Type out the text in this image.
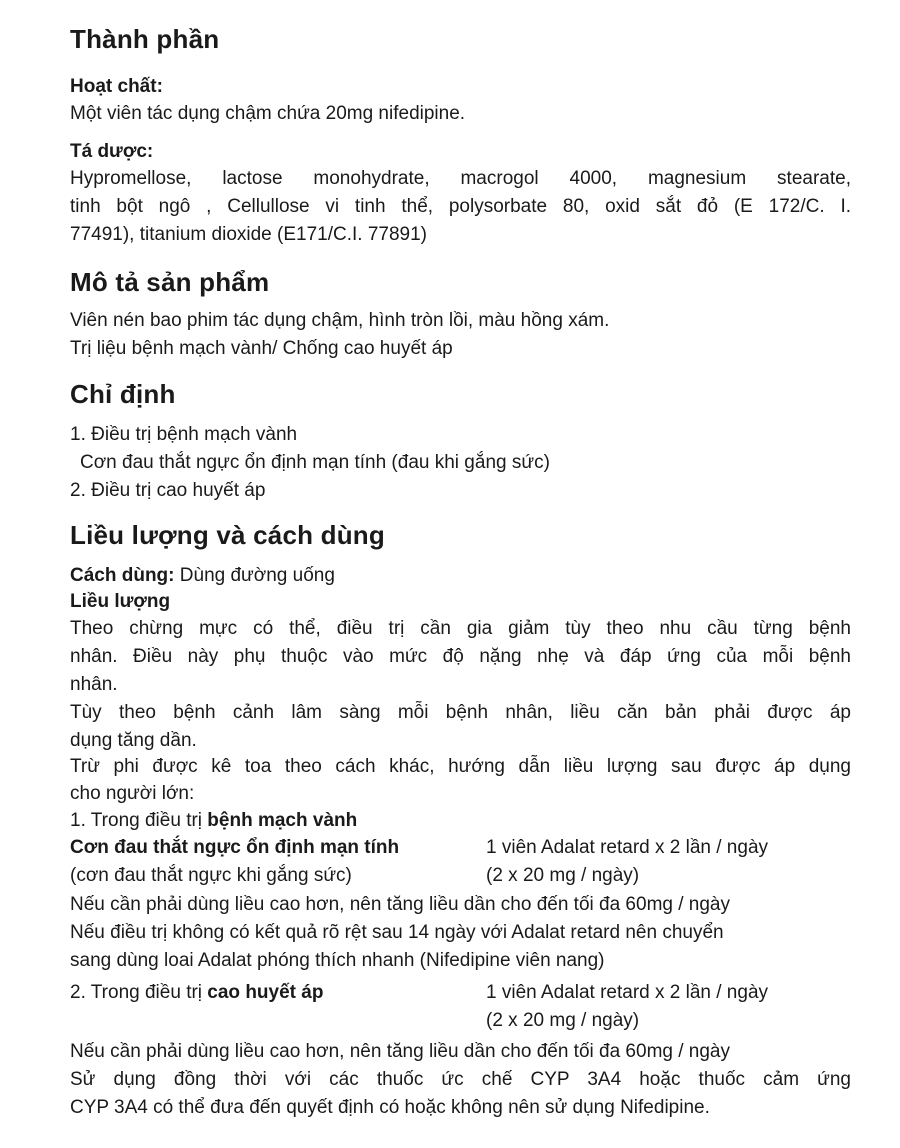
Thành phần
Hoạt chất:
Một viên tác dụng chậm chứa 20mg nifedipine.
Tá dược:
Hypromellose, lactose monohydrate, macrogol 4000, magnesium stearate,
tinh bột ngô , Cellullose vi tinh thể, polysorbate 80, oxid sắt đỏ (E 172/C. I.
77491), titanium dioxide (E171/C.I. 77891)
Mô tả sản phẩm
Viên nén bao phim tác dụng chậm, hình tròn lồi, màu hồng xám.
Trị liệu bệnh mạch vành/ Chống cao huyết áp
Chỉ định
1. Điều trị bệnh mạch vành
Cơn đau thắt ngực ổn định mạn tính (đau khi gắng sức)
2. Điều trị cao huyết áp
Liều lượng và cách dùng
Cách dùng: Dùng đường uống
Liều lượng
Theo chừng mực có thể, điều trị cần gia giảm tùy theo nhu cầu từng bệnh
nhân. Điều này phụ thuộc vào mức độ nặng nhẹ và đáp ứng của mỗi bệnh
nhân.
Tùy theo bệnh cảnh lâm sàng mỗi bệnh nhân, liều căn bản phải được áp
dụng tăng dần.
Trừ phi được kê toa theo cách khác, hướng dẫn liều lượng sau được áp dụng
cho người lớn:
1. Trong điều trị bệnh mạch vành
Cơn đau thắt ngực ổn định mạn tính	1 viên Adalat retard x 2 lần / ngày
(cơn đau thắt ngực khi gắng sức)	(2 x 20 mg / ngày)
Nếu cần phải dùng liều cao hơn, nên tăng liều dần cho đến tối đa 60mg / ngày
Nếu điều trị không có kết quả rõ rệt sau 14 ngày với Adalat retard nên chuyển
sang dùng loai Adalat phóng thích nhanh (Nifedipine viên nang)
2. Trong điều trị cao huyết áp	1 viên Adalat retard x 2 lần / ngày
(2 x 20 mg / ngày)
Nếu cần phải dùng liều cao hơn, nên tăng liều dần cho đến tối đa 60mg / ngày
Sử dụng đồng thời với các thuốc ức chế CYP 3A4 hoặc thuốc cảm ứng
CYP 3A4 có thể đưa đến quyết định có hoặc không nên sử dụng Nifedipine.
